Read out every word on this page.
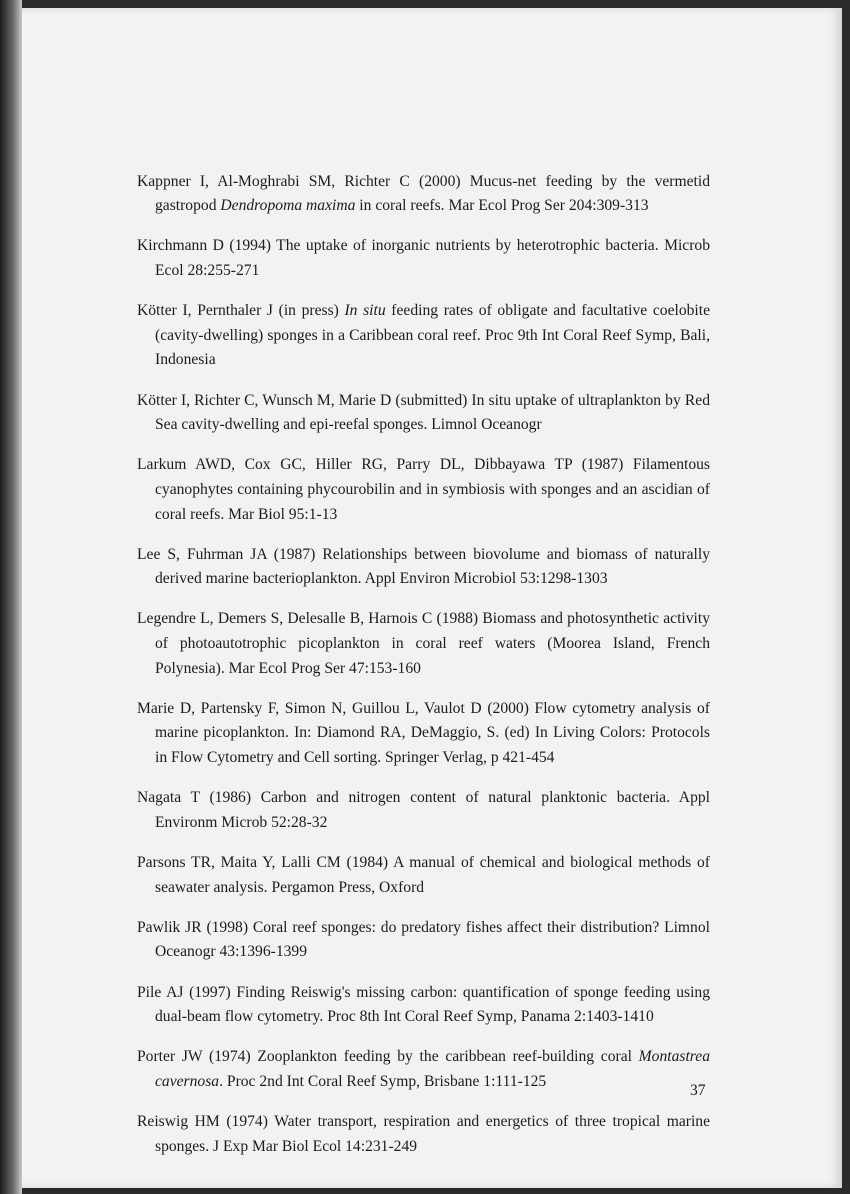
Kappner I, Al-Moghrabi SM, Richter C (2000) Mucus-net feeding by the vermetid gastropod Dendropoma maxima in coral reefs. Mar Ecol Prog Ser 204:309-313

Kirchmann D (1994) The uptake of inorganic nutrients by heterotrophic bacteria. Microb Ecol 28:255-271

Kötter I, Pernthaler J (in press) In situ feeding rates of obligate and facultative coelobite (cavity-dwelling) sponges in a Caribbean coral reef. Proc 9th Int Coral Reef Symp, Bali, Indonesia

Kötter I, Richter C, Wunsch M, Marie D (submitted) In situ uptake of ultraplankton by Red Sea cavity-dwelling and epi-reefal sponges. Limnol Oceanogr

Larkum AWD, Cox GC, Hiller RG, Parry DL, Dibbayawa TP (1987) Filamentous cyanophytes containing phycourobilin and in symbiosis with sponges and an ascidian of coral reefs. Mar Biol 95:1-13

Lee S, Fuhrman JA (1987) Relationships between biovolume and biomass of naturally derived marine bacterioplankton. Appl Environ Microbiol 53:1298-1303

Legendre L, Demers S, Delesalle B, Harnois C (1988) Biomass and photosynthetic activity of photoautotrophic picoplankton in coral reef waters (Moorea Island, French Polynesia). Mar Ecol Prog Ser 47:153-160

Marie D, Partensky F, Simon N, Guillou L, Vaulot D (2000) Flow cytometry analysis of marine picoplankton. In: Diamond RA, DeMaggio, S. (ed) In Living Colors: Protocols in Flow Cytometry and Cell sorting. Springer Verlag, p 421-454

Nagata T (1986) Carbon and nitrogen content of natural planktonic bacteria. Appl Environm Microb 52:28-32

Parsons TR, Maita Y, Lalli CM (1984) A manual of chemical and biological methods of seawater analysis. Pergamon Press, Oxford

Pawlik JR (1998) Coral reef sponges: do predatory fishes affect their distribution? Limnol Oceanogr 43:1396-1399

Pile AJ (1997) Finding Reiswig's missing carbon: quantification of sponge feeding using dual-beam flow cytometry. Proc 8th Int Coral Reef Symp, Panama 2:1403-1410

Porter JW (1974) Zooplankton feeding by the caribbean reef-building coral Montastrea cavernosa. Proc 2nd Int Coral Reef Symp, Brisbane 1:111-125

Reiswig HM (1974) Water transport, respiration and energetics of three tropical marine sponges. J Exp Mar Biol Ecol 14:231-249

37
